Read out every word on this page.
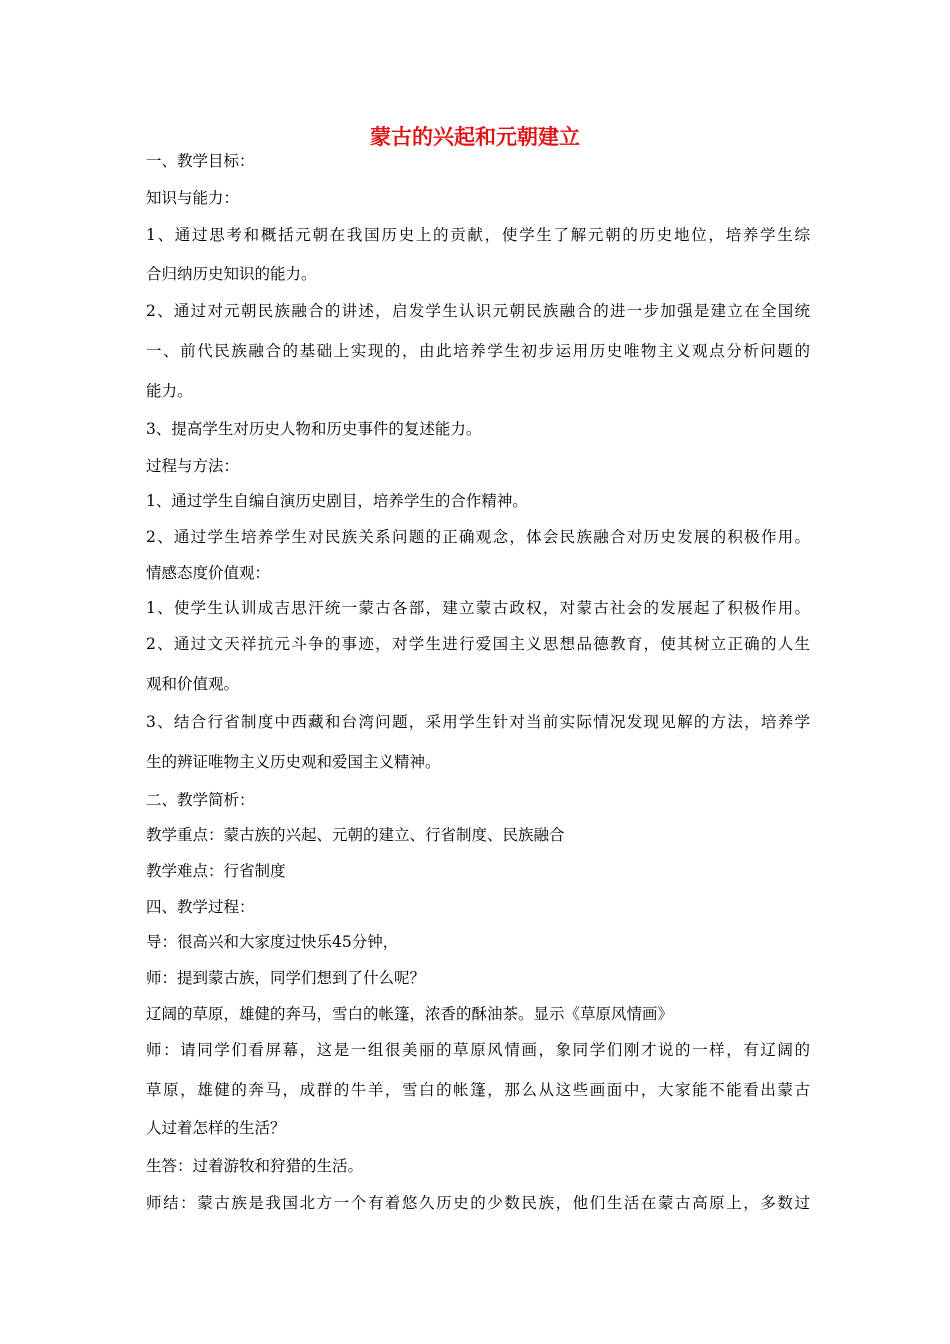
蒙古的兴起和元朝建立
一、教学目标：
知识与能力：
1、通过思考和概括元朝在我国历史上的贡献，使学生了解元朝的历史地位，培养学生综
合归纳历史知识的能力。
2、通过对元朝民族融合的讲述，启发学生认识元朝民族融合的进一步加强是建立在全国统
一、前代民族融合的基础上实现的，由此培养学生初步运用历史唯物主义观点分析问题的
能力。
3、提高学生对历史人物和历史事件的复述能力。
过程与方法：
1、通过学生自编自演历史剧目，培养学生的合作精神。
2、通过学生培养学生对民族关系问题的正确观念，体会民族融合对历史发展的积极作用。
情感态度价值观：
1、使学生认训成吉思汗统一蒙古各部，建立蒙古政权，对蒙古社会的发展起了积极作用。
2、通过文天祥抗元斗争的事迹，对学生进行爱国主义思想品德教育，使其树立正确的人生
观和价值观。
3、结合行省制度中西藏和台湾问题，采用学生针对当前实际情况发现见解的方法，培养学
生的辨证唯物主义历史观和爱国主义精神。
二、教学简析：
教学重点：蒙古族的兴起、元朝的建立、行省制度、民族融合
教学难点：行省制度
四、教学过程：
导：很高兴和大家度过快乐45分钟，
师：提到蒙古族，同学们想到了什么呢？
辽阔的草原，雄健的奔马，雪白的帐篷，浓香的酥油茶。显示《草原风情画》
师：请同学们看屏幕，这是一组很美丽的草原风情画，象同学们刚才说的一样，有辽阔的
草原，雄健的奔马，成群的牛羊，雪白的帐篷，那么从这些画面中，大家能不能看出蒙古
人过着怎样的生活？
生答：过着游牧和狩猎的生活。
师结：蒙古族是我国北方一个有着悠久历史的少数民族，他们生活在蒙古高原上，多数过
